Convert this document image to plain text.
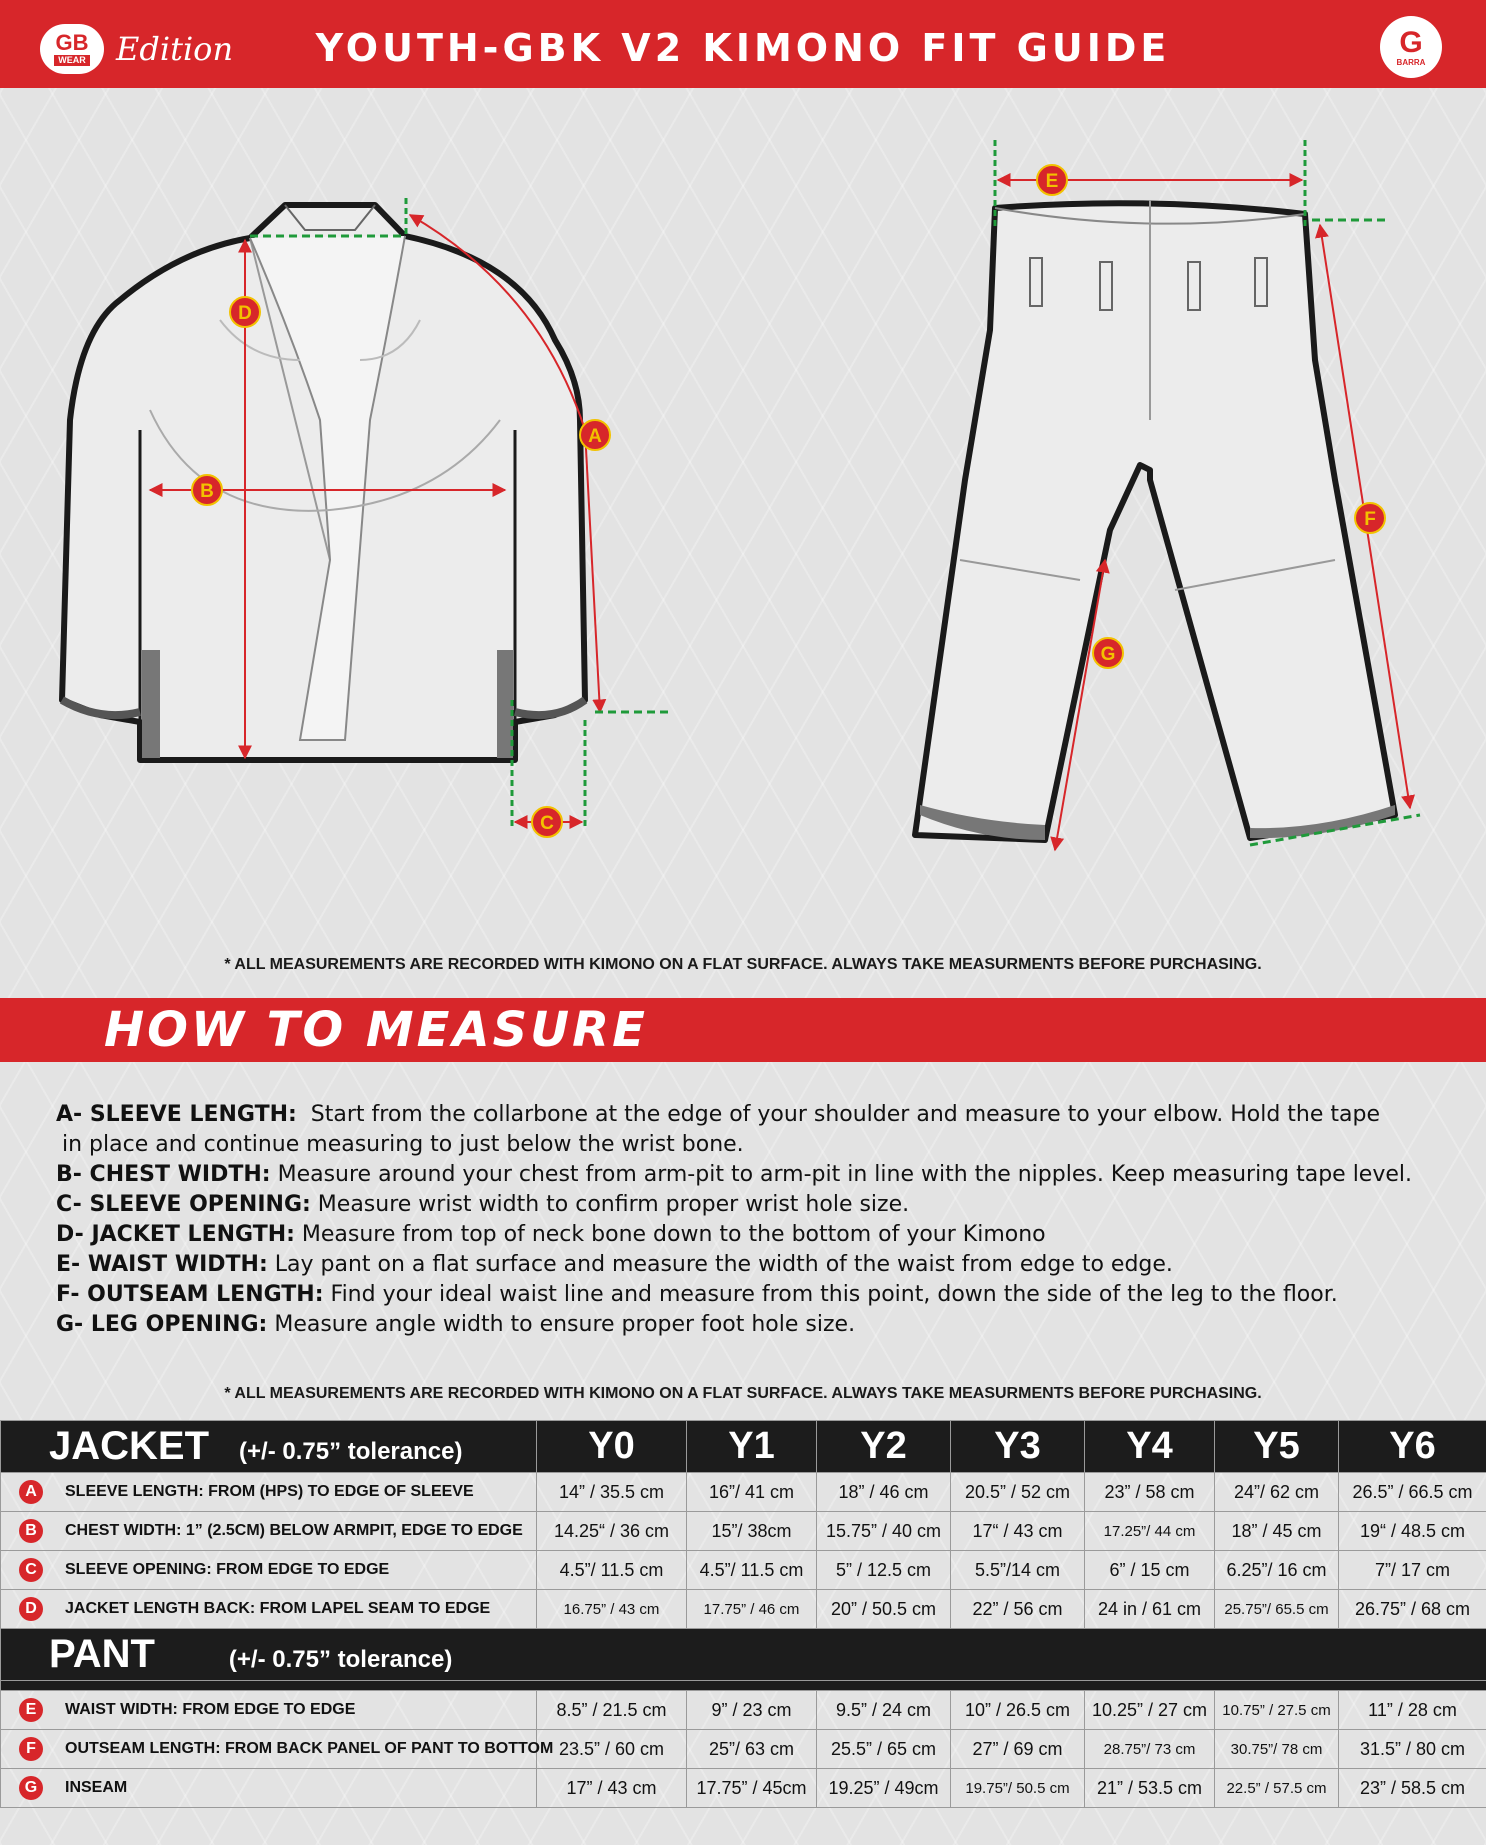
GB
WEAR Edition	YOUTH-GBK V2 KIMONO FIT GUIDE	G
BARRA
D
B
A
C
E
F
G
* ALL MEASUREMENTS ARE RECORDED WITH KIMONO ON A FLAT SURFACE. ALWAYS TAKE MEASURMENTS BEFORE PURCHASING.
HOW TO MEASURE
A- SLEEVE LENGTH: Start from the collarbone at the edge of your shoulder and measure to your elbow. Hold the tape
in place and continue measuring to just below the wrist bone.
B- CHEST WIDTH: Measure around your chest from arm-pit to arm-pit in line with the nipples. Keep measuring tape level.
C- SLEEVE OPENING: Measure wrist width to confirm proper wrist hole size.
D- JACKET LENGTH: Measure from top of neck bone down to the bottom of your Kimono
E- WAIST WIDTH: Lay pant on a flat surface and measure the width of the waist from edge to edge.
F- OUTSEAM LENGTH: Find your ideal waist line and measure from this point, down the side of the leg to the floor.
G- LEG OPENING: Measure angle width to ensure proper foot hole size.
* ALL MEASUREMENTS ARE RECORDED WITH KIMONO ON A FLAT SURFACE. ALWAYS TAKE MEASURMENTS BEFORE PURCHASING.
JACKET (+/- 0.75” tolerance)	Y0	Y1	Y2	Y3	Y4	Y5	Y6
A SLEEVE LENGTH: FROM (HPS) TO EDGE OF SLEEVE	14” / 35.5 cm	16”/ 41 cm	18” / 46 cm	20.5” / 52 cm	23” / 58 cm	24”/ 62 cm	26.5” / 66.5 cm
B CHEST WIDTH: 1” (2.5CM) BELOW ARMPIT, EDGE TO EDGE	14.25“ / 36 cm	15”/ 38cm	15.75” / 40 cm	17“ / 43 cm	17.25”/ 44 cm	18” / 45 cm	19“ / 48.5 cm
C SLEEVE OPENING: FROM EDGE TO EDGE	4.5”/ 11.5 cm	4.5”/ 11.5 cm	5” / 12.5 cm	5.5”/14 cm	6” / 15 cm	6.25”/ 16 cm	7”/ 17 cm
D JACKET LENGTH BACK: FROM LAPEL SEAM TO EDGE	16.75” / 43 cm	17.75” / 46 cm	20” / 50.5 cm	22” / 56 cm	24 in / 61 cm	25.75”/ 65.5 cm	26.75” / 68 cm
PANT (+/- 0.75” tolerance)							

E WAIST WIDTH: FROM EDGE TO EDGE	8.5” / 21.5 cm	9” / 23 cm	9.5” / 24 cm	10” / 26.5 cm	10.25” / 27 cm	10.75” / 27.5 cm	11” / 28 cm
F OUTSEAM LENGTH: FROM BACK PANEL OF PANT TO BOTTOM	23.5” / 60 cm	25”/ 63 cm	25.5” / 65 cm	27” / 69 cm	28.75”/ 73 cm	30.75”/ 78 cm	31.5” / 80 cm
G INSEAM	17” / 43 cm	17.75” / 45cm	19.25” / 49cm	19.75”/ 50.5 cm	21” / 53.5 cm	22.5” / 57.5 cm	23” / 58.5 cm
